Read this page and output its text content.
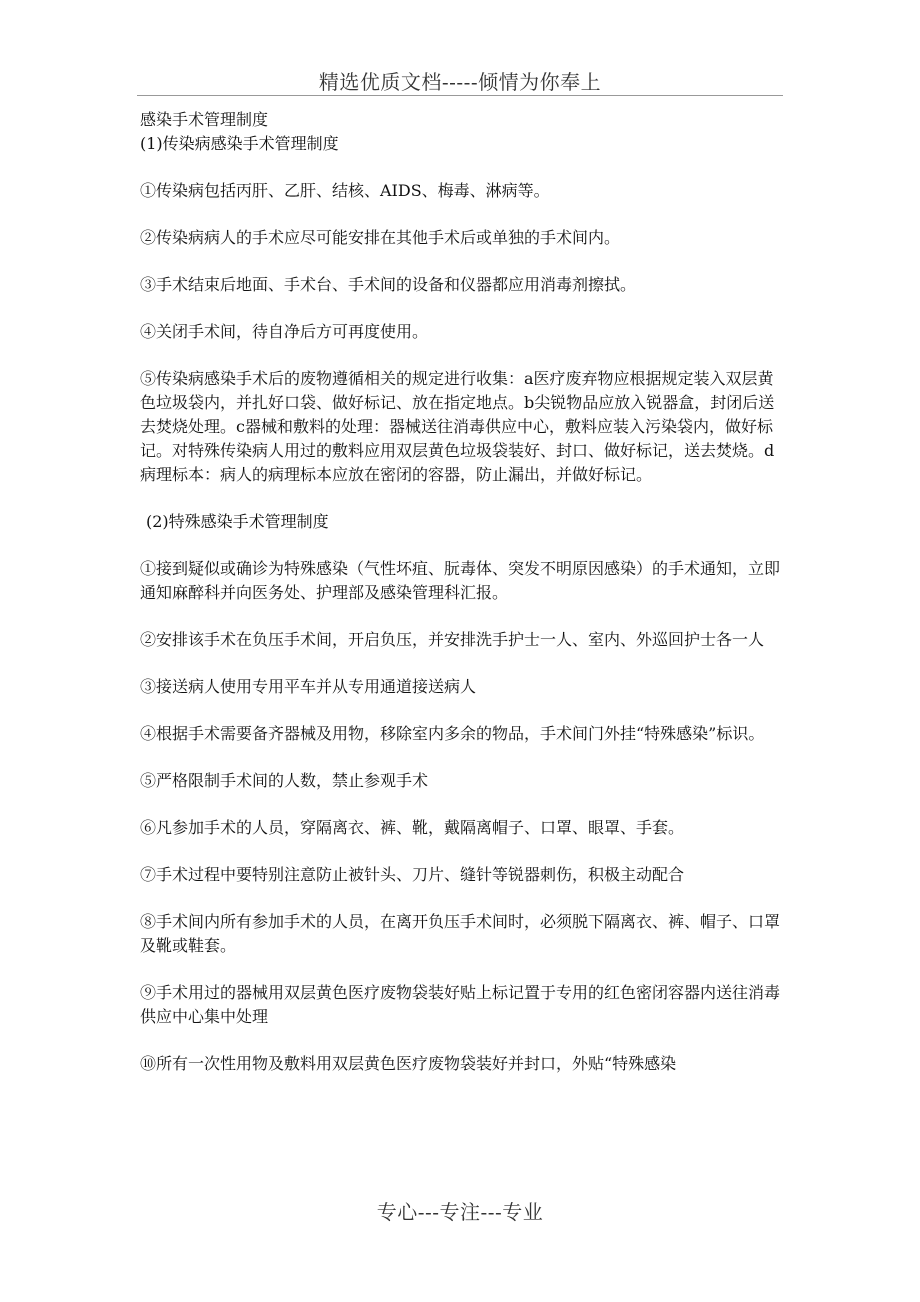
精选优质文档-----倾情为你奉上

感染手术管理制度

(1)传染病感染手术管理制度

①传染病包括丙肝、乙肝、结核、AIDS、梅毒、淋病等。

②传染病病人的手术应尽可能安排在其他手术后或单独的手术间内。

③手术结束后地面、手术台、手术间的设备和仪器都应用消毒剂擦拭。

④关闭手术间，待自净后方可再度使用。

⑤传染病感染手术后的废物遵循相关的规定进行收集：a医疗废弃物应根据规定装入双层黄色垃圾袋内，并扎好口袋、做好标记、放在指定地点。b尖锐物品应放入锐器盒，封闭后送去焚烧处理。c器械和敷料的处理：器械送往消毒供应中心，敷料应装入污染袋内，做好标记。对特殊传染病人用过的敷料应用双层黄色垃圾袋装好、封口、做好标记，送去焚烧。d病理标本：病人的病理标本应放在密闭的容器，防止漏出，并做好标记。

(2)特殊感染手术管理制度

①接到疑似或确诊为特殊感染（气性坏疽、朊毒体、突发不明原因感染）的手术通知，立即通知麻醉科并向医务处、护理部及感染管理科汇报。

②安排该手术在负压手术间，开启负压，并安排洗手护士一人、室内、外巡回护士各一人

③接送病人使用专用平车并从专用通道接送病人

④根据手术需要备齐器械及用物，移除室内多余的物品，手术间门外挂“特殊感染”标识。

⑤严格限制手术间的人数，禁止参观手术

⑥凡参加手术的人员，穿隔离衣、裤、靴，戴隔离帽子、口罩、眼罩、手套。

⑦手术过程中要特别注意防止被针头、刀片、缝针等锐器刺伤，积极主动配合

⑧手术间内所有参加手术的人员，在离开负压手术间时，必须脱下隔离衣、裤、帽子、口罩及靴或鞋套。

⑨手术用过的器械用双层黄色医疗废物袋装好贴上标记置于专用的红色密闭容器内送往消毒供应中心集中处理

⑩所有一次性用物及敷料用双层黄色医疗废物袋装好并封口，外贴“特殊感染

专心---专注---专业
